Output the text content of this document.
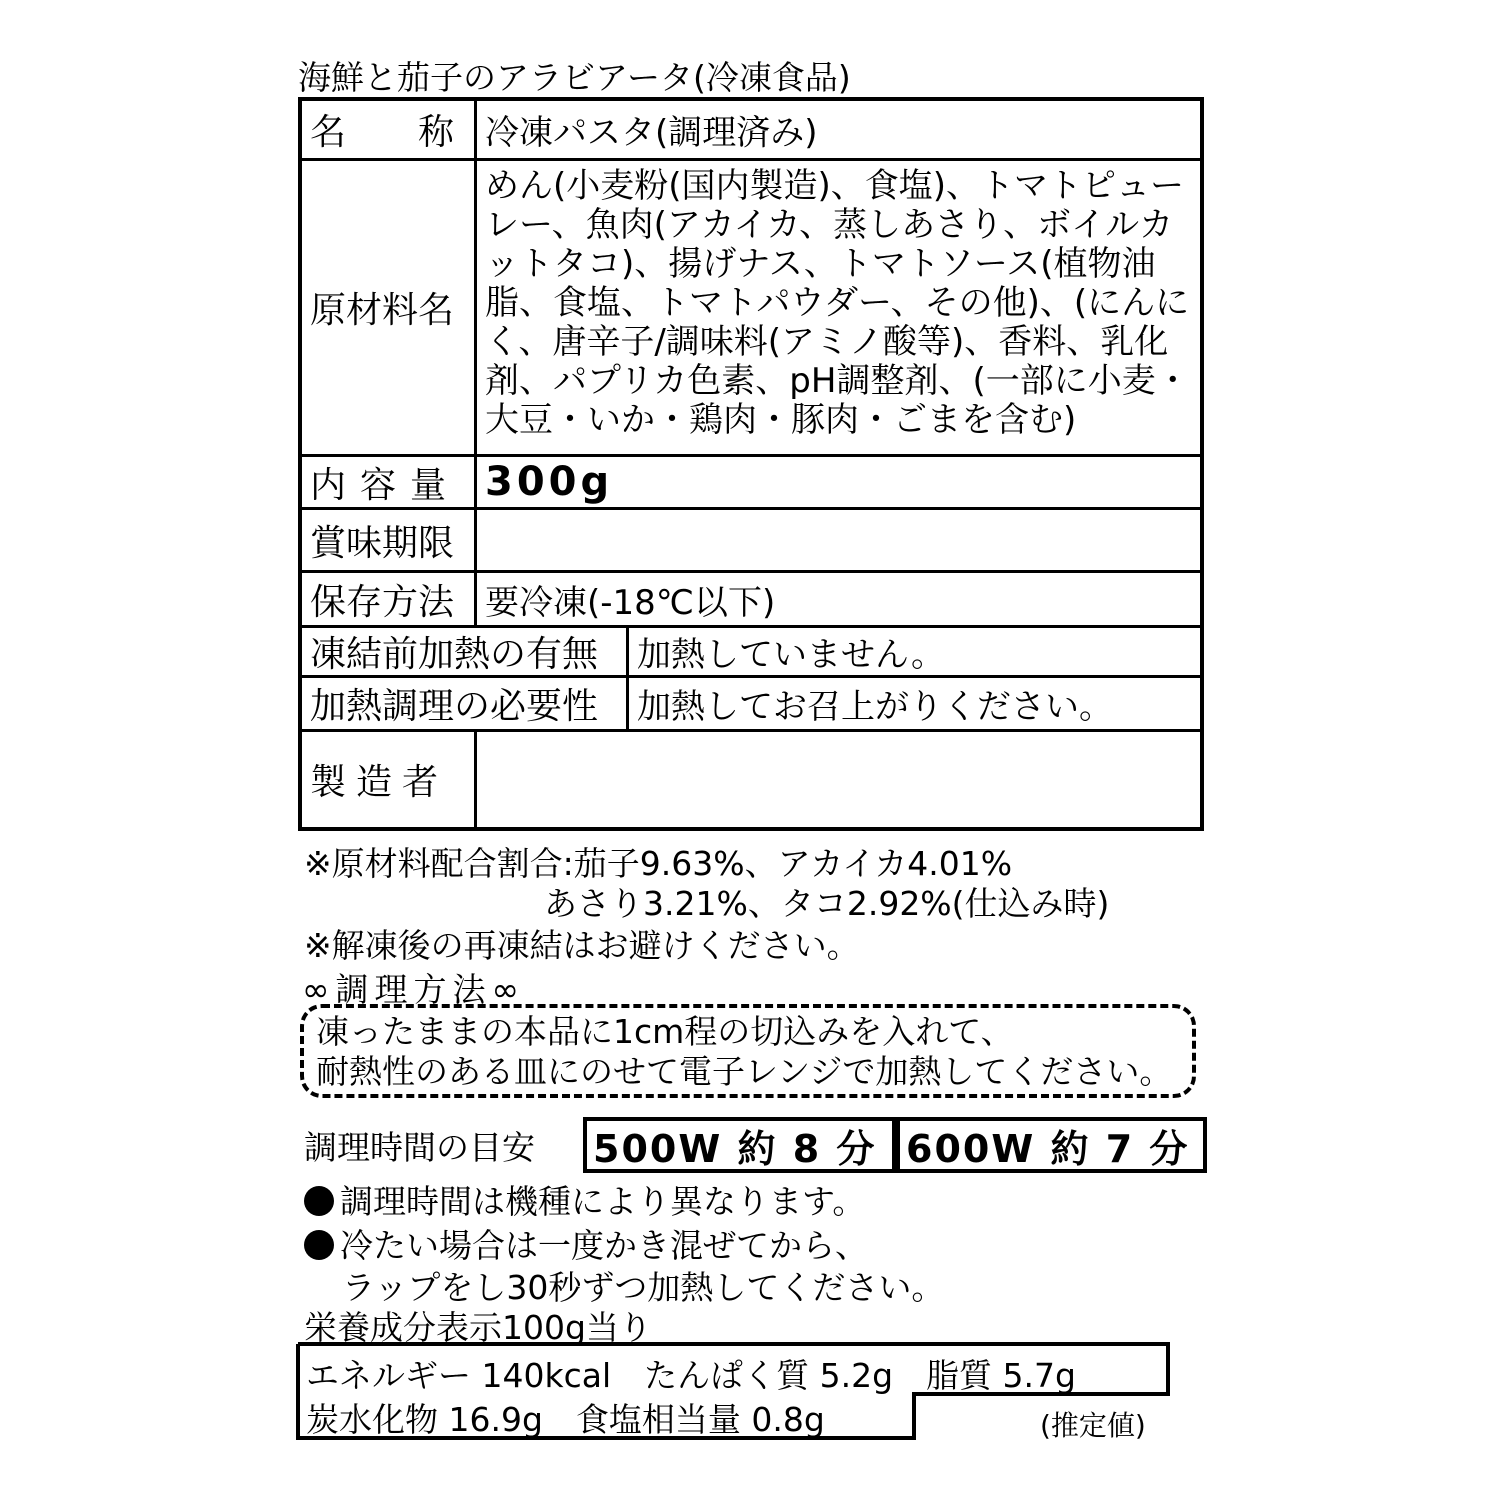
海鮮と茄子のアラビアータ(冷凍食品)
名　　称 冷凍パスタ(調理済み)
原材料名
めん(小麦粉(国内製造)、食塩)、トマトピューレー、魚肉(アカイカ、蒸しあさり、ボイルカットタコ)、揚げナス、トマトソース(植物油脂、食塩、トマトパウダー、その他)、(にんにく、唐辛子/調味料(アミノ酸等)、香料、乳化剤、パプリカ色素、pH調整剤、(一部に小麦・大豆・いか・鶏肉・豚肉・ごまを含む)
内容量 300g
賞味期限
保存方法 要冷凍(-18℃以下)
凍結前加熱の有無 加熱していません。
加熱調理の必要性 加熱してお召上がりください。
製造者
※原材料配合割合:茄子9.63%、アカイカ4.01%
あさり3.21%、タコ2.92%(仕込み時)
※解凍後の再凍結はお避けください。
∞調理方法∞
凍ったままの本品に1cm程の切込みを入れて、
耐熱性のある皿にのせて電子レンジで加熱してください。
調理時間の目安 500W 約 8 分 600W 約 7 分
調理時間は機種により異なります。
冷たい場合は一度かき混ぜてから、
ラップをし30秒ずつ加熱してください。
栄養成分表示100g当り
エネルギー 140kcal　たんぱく質 5.2g　脂質 5.7g
炭水化物 16.9g　食塩相当量 0.8g	(推定値)
